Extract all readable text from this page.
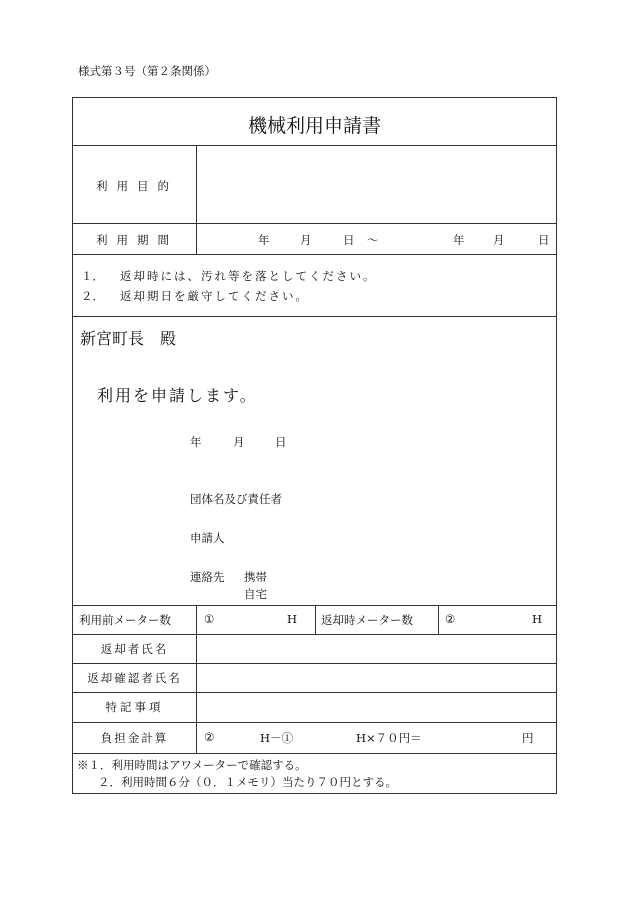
様式第３号（第２条関係）
機械利用申請書
利用目的
利用期間	年	月	日 ～	年 月	日
１． 返却時には、汚れ等を落としてください。
２． 返却期日を厳守してください。
新宮町長　殿
利用を申請します。
年	月	日
団体名及び責任者
申請人
連絡先 携帯
自宅
利用前メーター数	①	H 返却時メーター数	②	H
返却者氏名
返却確認者氏名
特記事項
負担金計算	②	H－①	H×７０円＝	円
※１．利用時間はアワメーターで確認する。
２．利用時間６分（０．１メモリ）当たり７０円とする。
